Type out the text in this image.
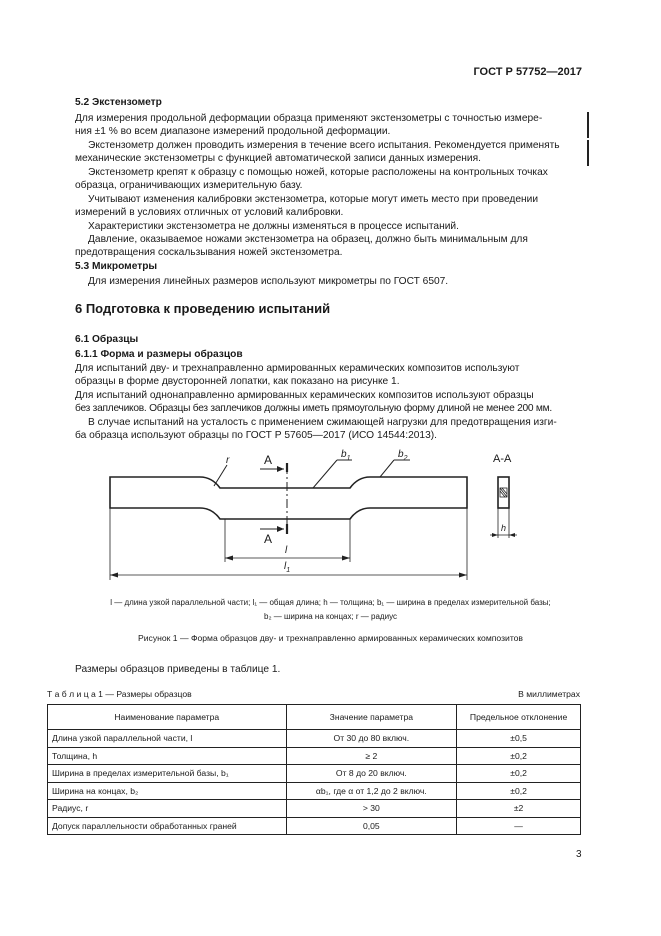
ГОСТ Р 57752—2017
5.2 Экстензометр
Для измерения продольной деформации образца применяют экстензометры с точностью измере-
ния ±1 % во всем диапазоне измерений продольной деформации.
Экстензометр должен проводить измерения в течение всего испытания. Рекомендуется применять
механические экстензометры с функцией автоматической записи данных измерения.
Экстензометр крепят к образцу с помощью ножей, которые расположены на контрольных точках
образца, ограничивающих измерительную базу.
Учитывают изменения калибровки экстензометра, которые могут иметь место при проведении
измерений в условиях отличных от условий калибровки.
Характеристики экстензометра не должны изменяться в процессе испытаний.
Давление, оказываемое ножами экстензометра на образец, должно быть минимальным для
предотвращения соскальзывания ножей экстензометра.
5.3 Микрометры
Для измерения линейных размеров используют микрометры по ГОСТ 6507.
6 Подготовка к проведению испытаний
6.1 Образцы
6.1.1 Форма и размеры образцов
Для испытаний дву- и трехнаправленно армированных керамических композитов используют
образцы в форме двусторонней лопатки, как показано на рисунке 1.
Для испытаний однонаправленно армированных керамических композитов используют образцы
без заплечиков. Образцы без заплечиков должны иметь прямоугольную форму длиной не менее 200 мм.
В случае испытаний на усталость с применением сжимающей нагрузки для предотвращения изги-
ба образца используют образцы по ГОСТ Р 57605—2017 (ИСО 14544:2013).
A
A
A-A
r
$b_1$	$b_2$
h
l
$l_1$
l — длина узкой параллельной части; l₁ — общая длина; h — толщина; b₁ — ширина в пределах измерительной базы;
b₂ — ширина на концах; r — радиус
Рисунок 1 — Форма образцов дву- и трехнаправленно армированных керамических композитов
Размеры образцов приведены в таблице 1.
Т а б л и ц а 1 — Размеры образцов	В миллиметрах
Наименование параметра	Значение параметра	Предельное отклонение
Длина узкой параллельной части, l	От 30 до 80 включ.	±0,5
Толщина, h	≥ 2	±0,2
Ширина в пределах измерительной базы, b₁	От 8 до 20 включ.	±0,2
Ширина на концах, b₂	αb₁, где α от 1,2 до 2 включ.	±0,2
Радиус, r	> 30	±2
Допуск параллельности обработанных граней	0,05	—
3
